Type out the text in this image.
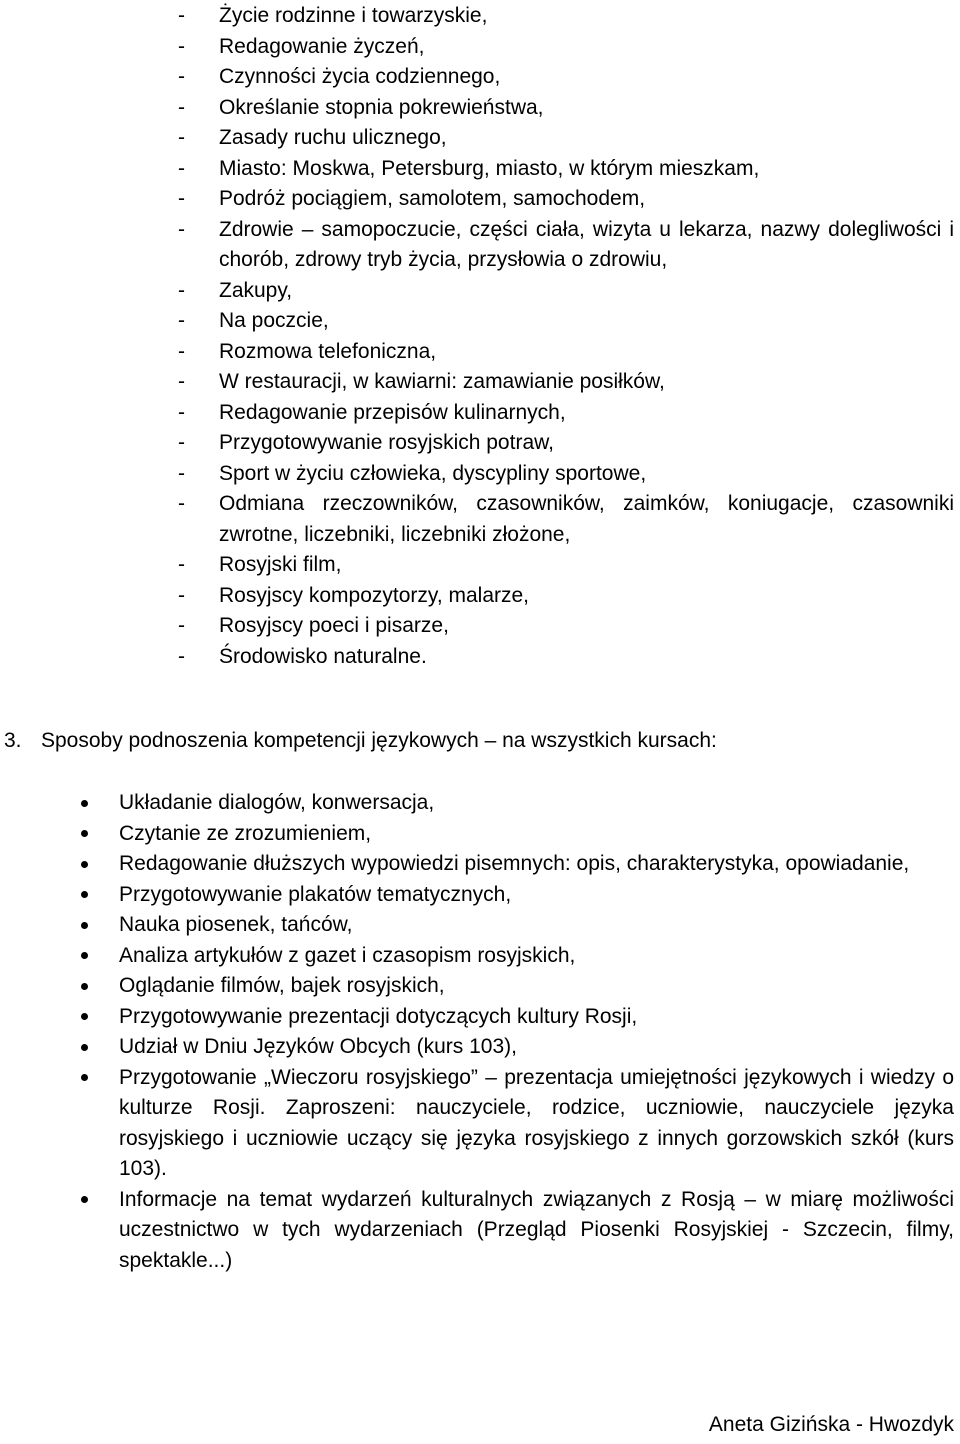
- Życie rodzinne i towarzyskie,
- Redagowanie życzeń,
- Czynności życia codziennego,
- Określanie stopnia pokrewieństwa,
- Zasady ruchu ulicznego,
- Miasto: Moskwa, Petersburg, miasto, w którym mieszkam,
- Podróż pociągiem, samolotem, samochodem,
- Zdrowie – samopoczucie, części ciała, wizyta u lekarza, nazwy dolegliwości i chorób, zdrowy tryb życia, przysłowia o zdrowiu,
- Zakupy,
- Na poczcie,
- Rozmowa telefoniczna,
- W restauracji, w kawiarni: zamawianie posiłków,
- Redagowanie przepisów kulinarnych,
- Przygotowywanie rosyjskich potraw,
- Sport w życiu człowieka, dyscypliny sportowe,
- Odmiana rzeczowników, czasowników, zaimków, koniugacje, czasowniki zwrotne, liczebniki, liczebniki złożone,
- Rosyjski film,
- Rosyjscy kompozytorzy, malarze,
- Rosyjscy poeci i pisarze,
- Środowisko naturalne.
3. Sposoby podnoszenia kompetencji językowych – na wszystkich kursach:
Układanie dialogów, konwersacja,
Czytanie ze zrozumieniem,
Redagowanie dłuższych wypowiedzi pisemnych: opis, charakterystyka, opowiadanie,
Przygotowywanie plakatów tematycznych,
Nauka piosenek, tańców,
Analiza artykułów z gazet i czasopism rosyjskich,
Oglądanie filmów, bajek rosyjskich,
Przygotowywanie prezentacji dotyczących kultury Rosji,
Udział w Dniu Języków Obcych (kurs 103),
Przygotowanie „Wieczoru rosyjskiego” – prezentacja umiejętności językowych i wiedzy o kulturze Rosji. Zaproszeni: nauczyciele, rodzice, uczniowie, nauczyciele języka rosyjskiego i uczniowie uczący się języka rosyjskiego z innych gorzowskich szkół (kurs 103).
Informacje na temat wydarzeń kulturalnych związanych z Rosją – w miarę możliwości uczestnictwo w tych wydarzeniach (Przegląd Piosenki Rosyjskiej - Szczecin, filmy, spektakle...)
Aneta Gizińska - Hwozdyk
